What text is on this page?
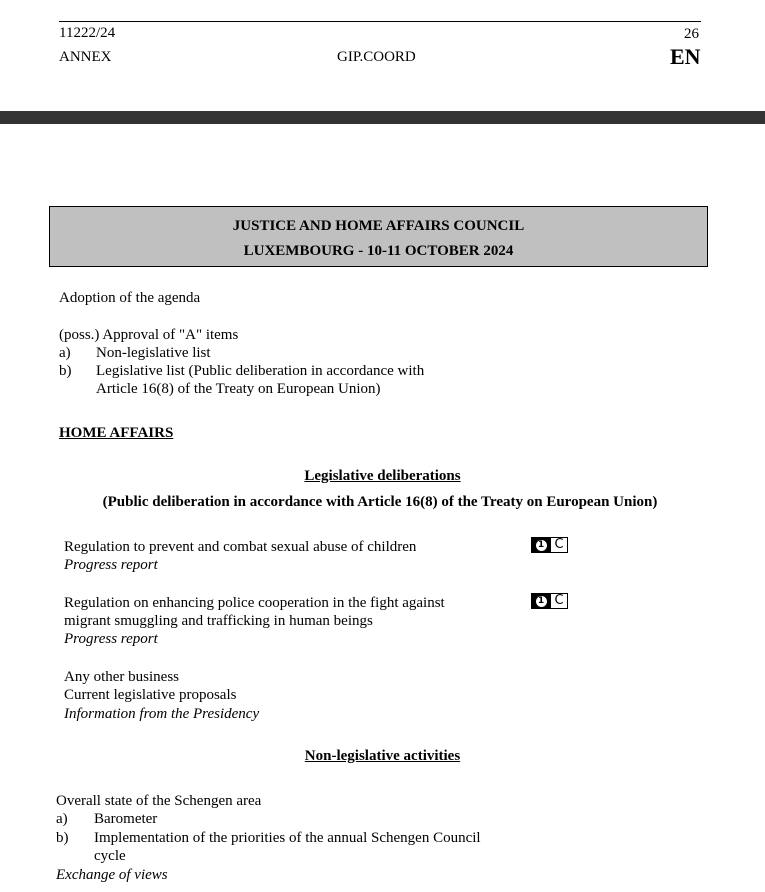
11222/24	26
ANNEX	GIP.COORD	EN
JUSTICE AND HOME AFFAIRS COUNCIL
LUXEMBOURG - 10-11 OCTOBER 2024
Adoption of the agenda
(poss.) Approval of "A" items
a) Non-legislative list
b) Legislative list (Public deliberation in accordance with
Article 16(8) of the Treaty on European Union)
HOME AFFAIRS
Legislative deliberations
(Public deliberation in accordance with Article 16(8) of the Treaty on European Union)
Regulation to prevent and combat sexual abuse of children
Progress report
1 C
Regulation on enhancing police cooperation in the fight against
migrant smuggling and trafficking in human beings
Progress report
1 C
Any other business
Current legislative proposals
Information from the Presidency
Non-legislative activities
Overall state of the Schengen area
a) Barometer
b) Implementation of the priorities of the annual Schengen Council
cycle
Exchange of views
